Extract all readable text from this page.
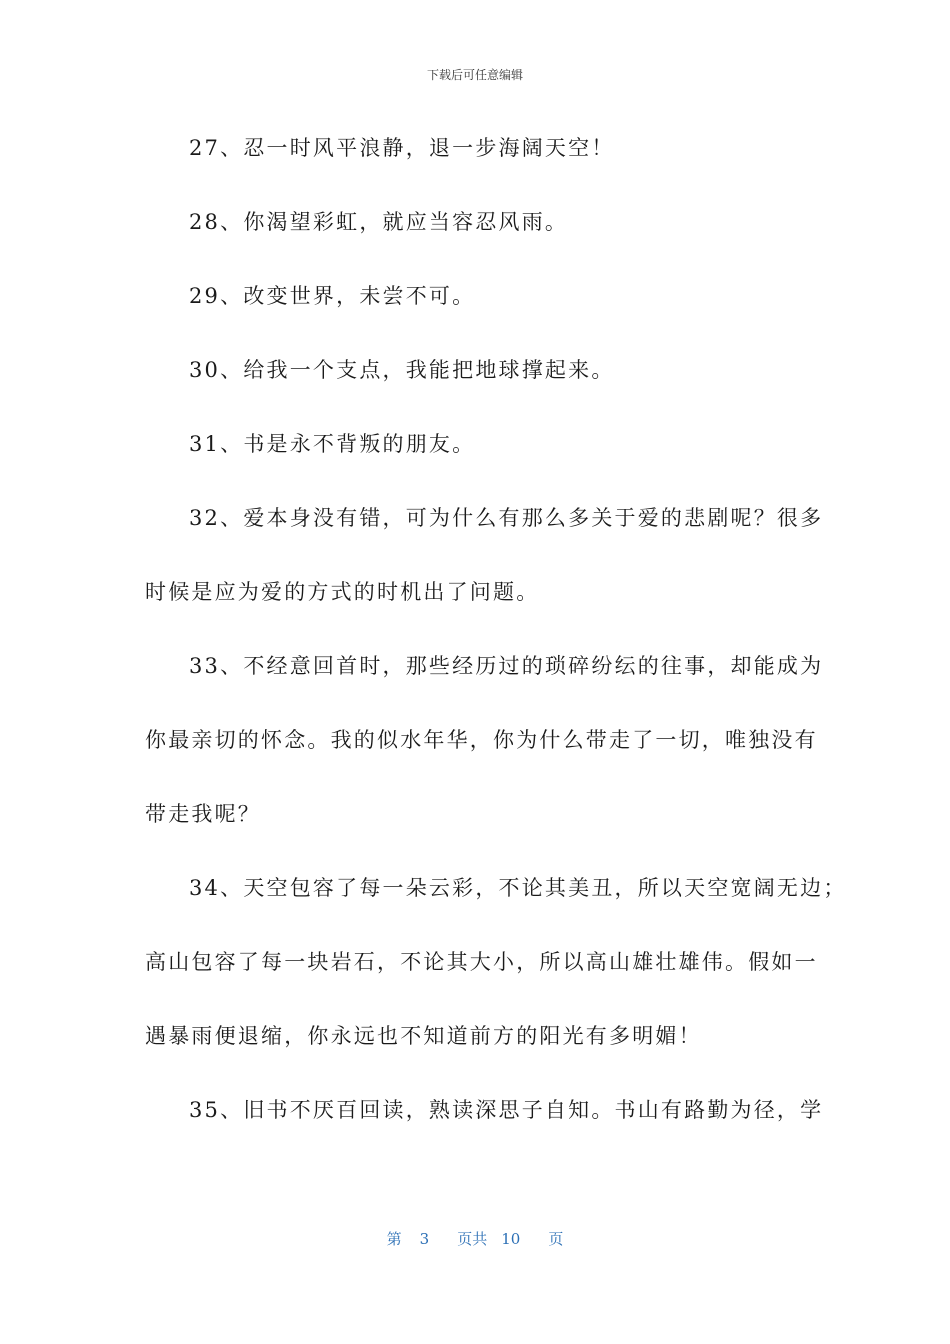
下载后可任意编辑
27、忍一时风平浪静，退一步海阔天空！
28、你渴望彩虹，就应当容忍风雨。
29、改变世界，未尝不可。
30、给我一个支点，我能把地球撑起来。
31、书是永不背叛的朋友。
32、爱本身没有错，可为什么有那么多关于爱的悲剧呢？很多
时候是应为爱的方式的时机出了问题。
33、不经意回首时，那些经历过的琐碎纷纭的往事，却能成为
你最亲切的怀念。我的似水年华，你为什么带走了一切，唯独没有
带走我呢？
34、天空包容了每一朵云彩，不论其美丑，所以天空宽阔无边；
高山包容了每一块岩石，不论其大小，所以高山雄壮雄伟。假如一
遇暴雨便退缩，你永远也不知道前方的阳光有多明媚！
35、旧书不厌百回读，熟读深思子自知。书山有路勤为径，学
第 3 页共 10 页
